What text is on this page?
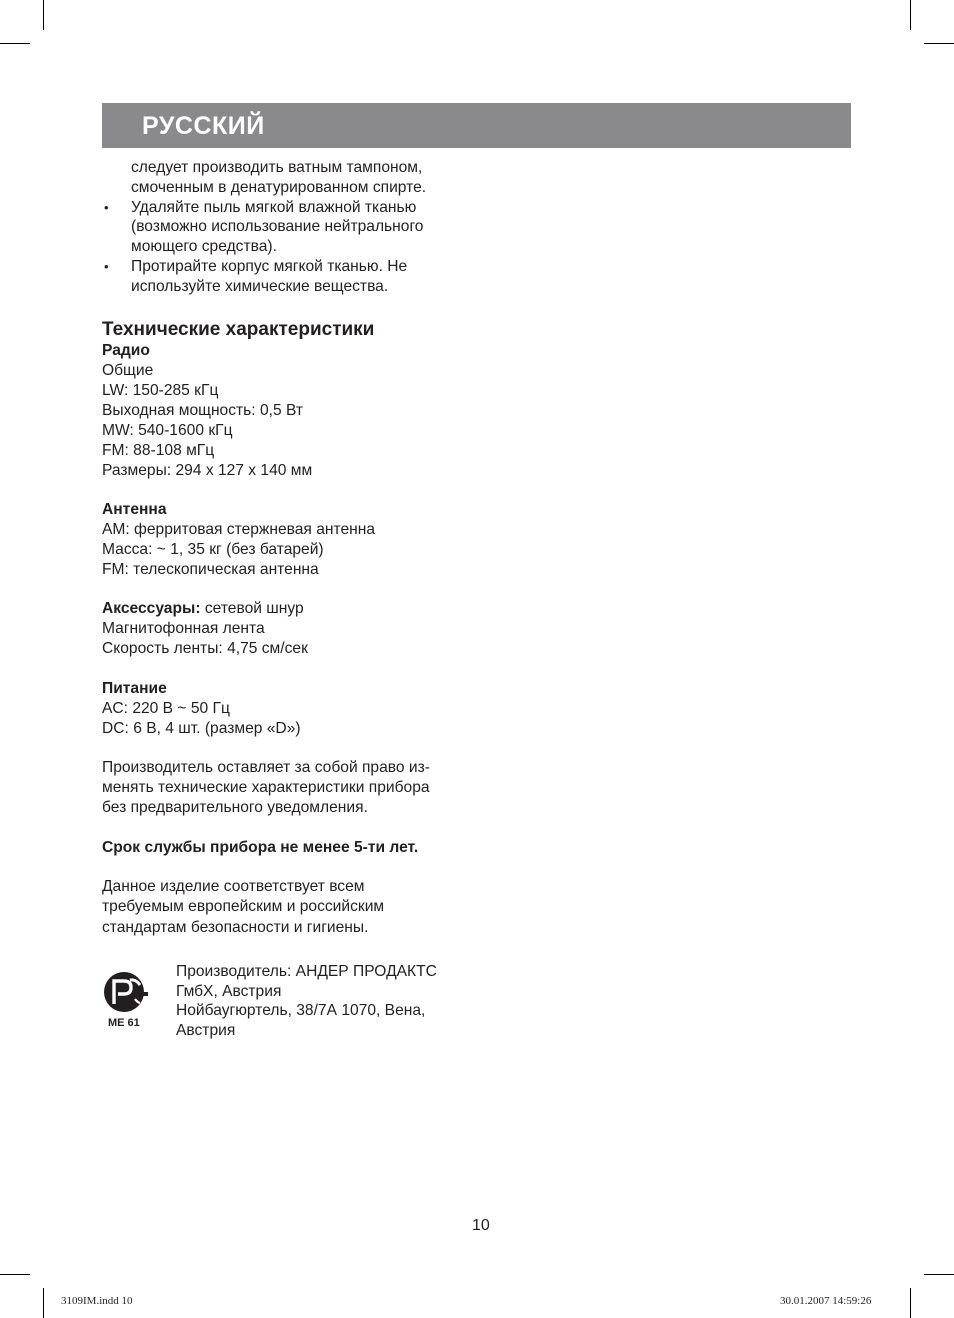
РУССКИЙ
следует производить ватным тампоном,
смоченным в денатурированном спирте.
• Удаляйте пыль мягкой влажной тканью
(возможно использование нейтрального
моющего средства).
• Протирайте корпус мягкой тканью. Не
используйте химические вещества.
Технические характеристики
Радио
Общие
LW: 150-285 кГц
Выходная мощность: 0,5 Вт
MW: 540-1600 кГц
FM: 88-108 мГц
Размеры: 294 х 127 х 140 мм
Антенна
AM: ферритовая стержневая антенна
Масса: ~ 1, 35 кг (без батарей)
FM: телескопическая антенна
Аксессуары: сетевой шнур
Магнитофонная лента
Скорость ленты: 4,75 см/сек
Питание
AC: 220 В ~ 50 Гц
DC: 6 В, 4 шт. (размер «D»)
Производитель оставляет за собой право из-
менять технические характеристики прибора
без предварительного уведомления.
Срок службы прибора не менее 5-ти лет.
Данное изделие соответствует всем
требуемым европейским и российским
стандартам безопасности и гигиены.
МЕ 61
Производитель: АНДЕР ПРОДАКТС
ГмбХ, Австрия
Нойбаугюртель, 38/7А 1070, Вена,
Австрия
10
3109IM.indd 10	30.01.2007 14:59:26
